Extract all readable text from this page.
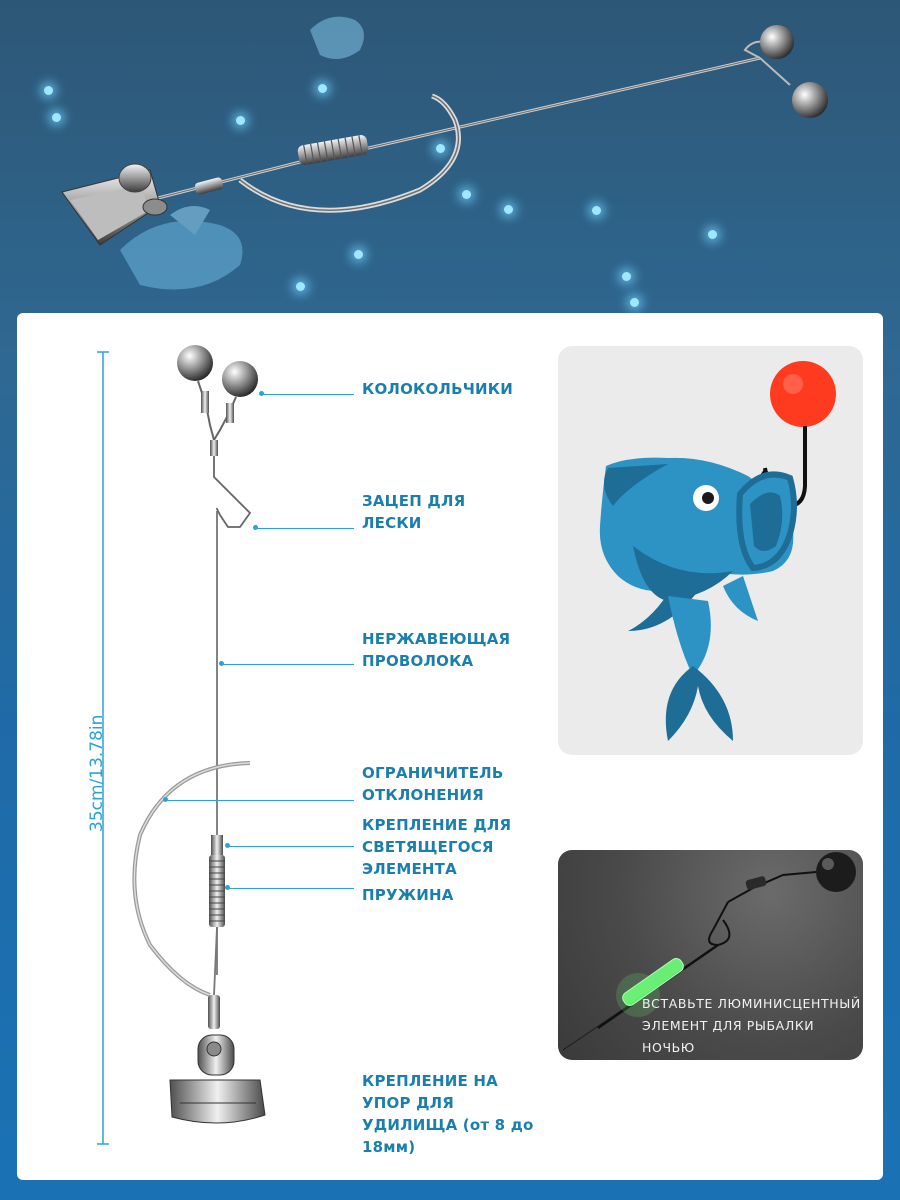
35cm/13.78in
КОЛОКОЛЬЧИКИ
ЗАЦЕП ДЛЯ ЛЕСКИ
НЕРЖАВЕЮЩАЯ ПРОВОЛОКА
ОГРАНИЧИТЕЛЬ ОТКЛОНЕНИЯ
КРЕПЛЕНИЕ ДЛЯ СВЕТЯЩЕГОСЯ ЭЛЕМЕНТА
ПРУЖИНА
КРЕПЛЕНИЕ НА УПОР ДЛЯ УДИЛИЩА (от 8 до 18мм)
ВСТАВЬТЕ ЛЮМИНИСЦЕНТНЫЙ ЭЛЕМЕНТ ДЛЯ РЫБАЛКИ НОЧЬЮ
